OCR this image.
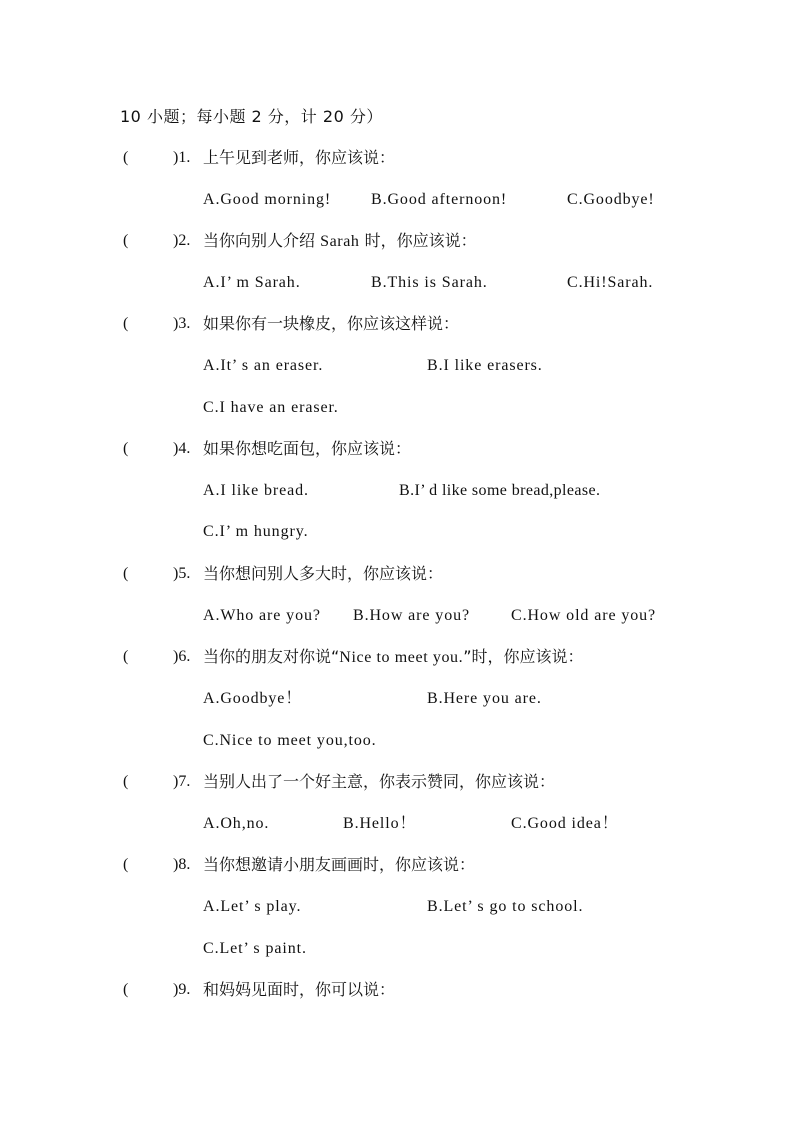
10 小题；每小题 2 分，计 20 分）
(	)1. 上午见到老师，你应该说：
A.Good morning! B.Good afternoon!	C.Goodbye!
(	)2. 当你向别人介绍 Sarah 时，你应该说：
A.I’ m Sarah.	B.This is Sarah.	C.Hi!Sarah.
(	)3. 如果你有一块橡皮，你应该这样说：
A.It’ s an eraser.	B.I like erasers.
C.I have an eraser.
(	)4. 如果你想吃面包，你应该说：
A.I like bread.	B.I’ d like some bread,please.
C.I’ m hungry.
(	)5. 当你想问别人多大时，你应该说：
A.Who are you? B.How are you?	C.How old are you?
(	)6. 当你的朋友对你说“Nice to meet you.”时，你应该说：
A.Goodbye！	B.Here you are.
C.Nice to meet you,too.
(	)7. 当别人出了一个好主意，你表示赞同，你应该说：
A.Oh,no.	B.Hello！	C.Good idea！
(	)8. 当你想邀请小朋友画画时，你应该说：
A.Let’ s play.	B.Let’ s go to school.
C.Let’ s paint.
(	)9. 和妈妈见面时，你可以说：
